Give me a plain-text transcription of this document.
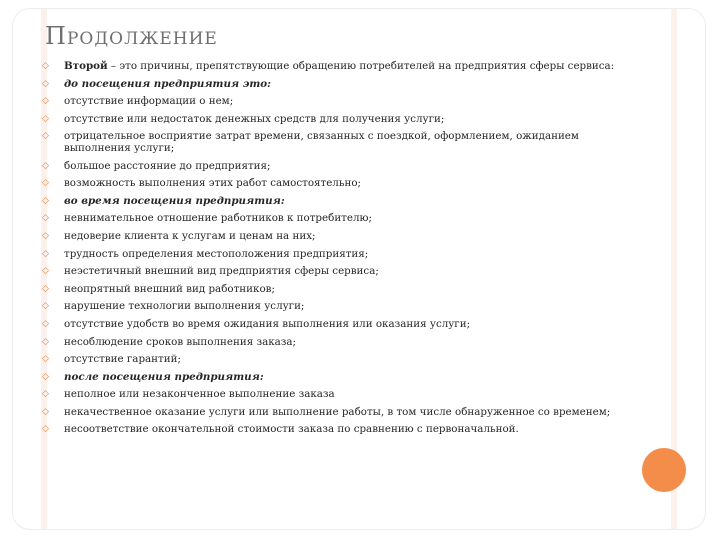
ПРОДОЛЖЕНИЕ
◇ Второй – это причины, препятствующие обращению потребителей на предприятия сферы сервиса:
◇ до посещения предприятия это:
◇ отсутствие информации о нем;
◇ отсутствие или недостаток денежных средств для получения услуги;
◇ отрицательное восприятие затрат времени, связанных с поездкой, оформлением, ожиданием выполнения услуги;
◇ большое расстояние до предприятия;
◇ возможность выполнения этих работ самостоятельно;
◇ во время посещения предприятия:
◇ невнимательное отношение работников к потребителю;
◇ недоверие клиента к услугам и ценам на них;
◇ трудность определения местоположения предприятия;
◇ неэстетичный внешний вид предприятия сферы сервиса;
◇ неопрятный внешний вид работников;
◇ нарушение технологии выполнения услуги;
◇ отсутствие удобств во время ожидания выполнения или оказания услуги;
◇ несоблюдение сроков выполнения заказа;
◇ отсутствие гарантий;
◇ после посещения предприятия:
◇ неполное или незаконченное выполнение заказа
◇ некачественное оказание услуги или выполнение работы, в том числе обнаруженное со временем;
◇ несоответствие окончательной стоимости заказа по сравнению с первоначальной.
